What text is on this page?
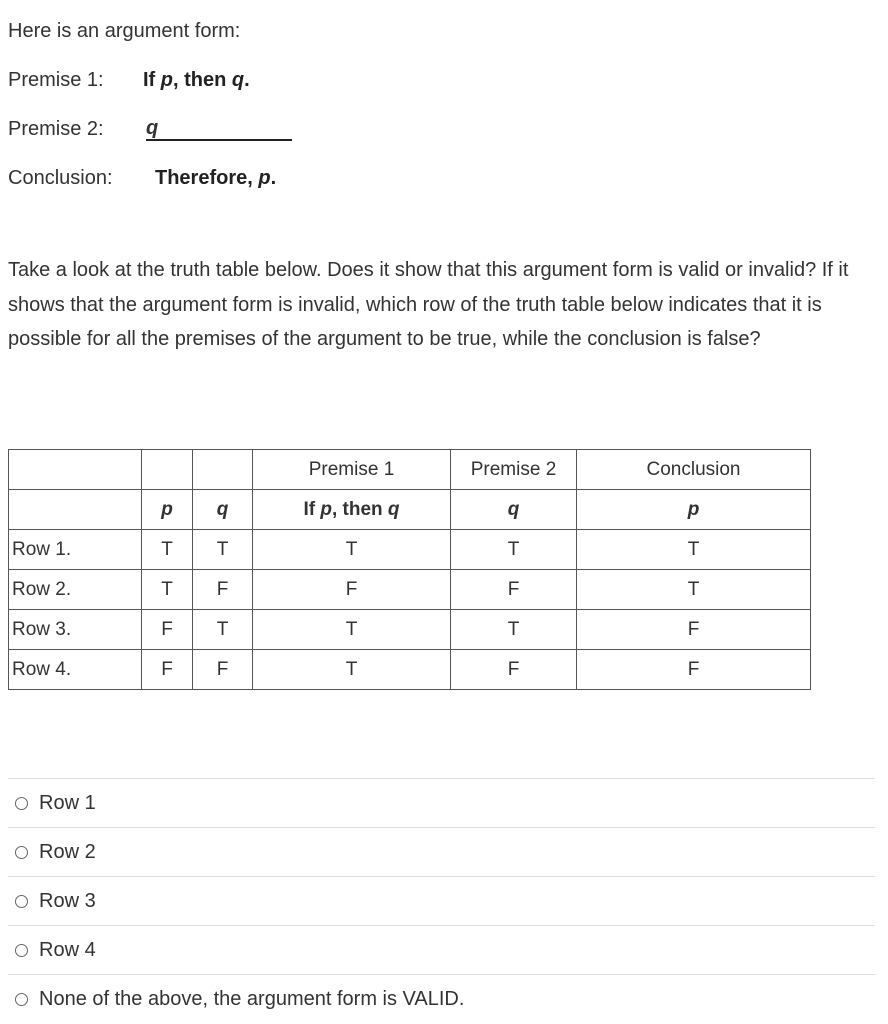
Here is an argument form:
Premise 1: If p, then q.
Premise 2: q
Conclusion: Therefore, p.
Take a look at the truth table below. Does it show that this argument form is valid or invalid? If it shows that the argument form is invalid, which row of the truth table below indicates that it is possible for all the premises of the argument to be true, while the conclusion is false?
			Premise 1	Premise 2	Conclusion
	p	q	If p, then q	q	p
Row 1.	T	T	T	T	T
Row 2.	T	F	F	F	T
Row 3.	F	T	T	T	F
Row 4.	F	F	T	F	F
Row 1
Row 2
Row 3
Row 4
None of the above, the argument form is VALID.
